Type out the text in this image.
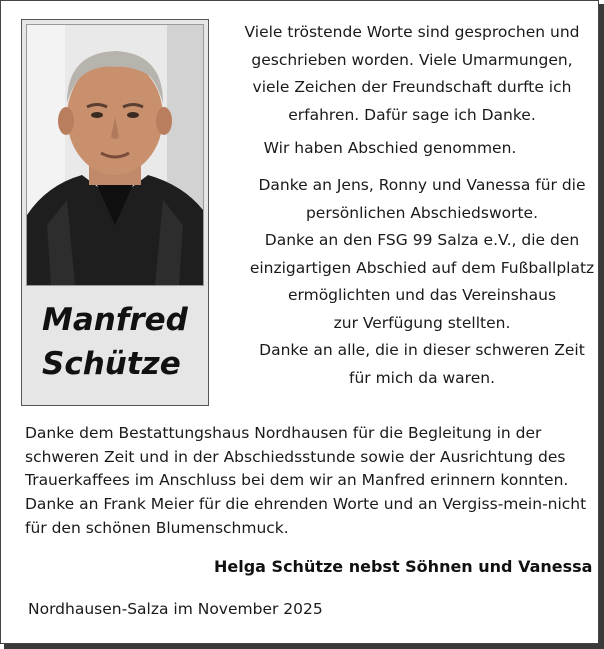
Manfred
Schütze
Viele tröstende Worte sind gesprochen und
geschrieben worden. Viele Umarmungen,
viele Zeichen der Freundschaft durfte ich
erfahren. Dafür sage ich Danke.
Wir haben Abschied genommen.
Danke an Jens, Ronny und Vanessa für die
persönlichen Abschiedsworte.
Danke an den FSG 99 Salza e.V., die den
einzigartigen Abschied auf dem Fußballplatz
ermöglichten und das Vereinshaus
zur Verfügung stellten.
Danke an alle, die in dieser schweren Zeit
für mich da waren.
Danke dem Bestattungshaus Nordhausen für die Begleitung in der
schweren Zeit und in der Abschiedsstunde sowie der Ausrichtung des
Trauerkaffees im Anschluss bei dem wir an Manfred erinnern konnten.
Danke an Frank Meier für die ehrenden Worte und an Vergiss-mein-nicht
für den schönen Blumenschmuck.
Helga Schütze nebst Söhnen und Vanessa
Nordhausen-Salza im November 2025
